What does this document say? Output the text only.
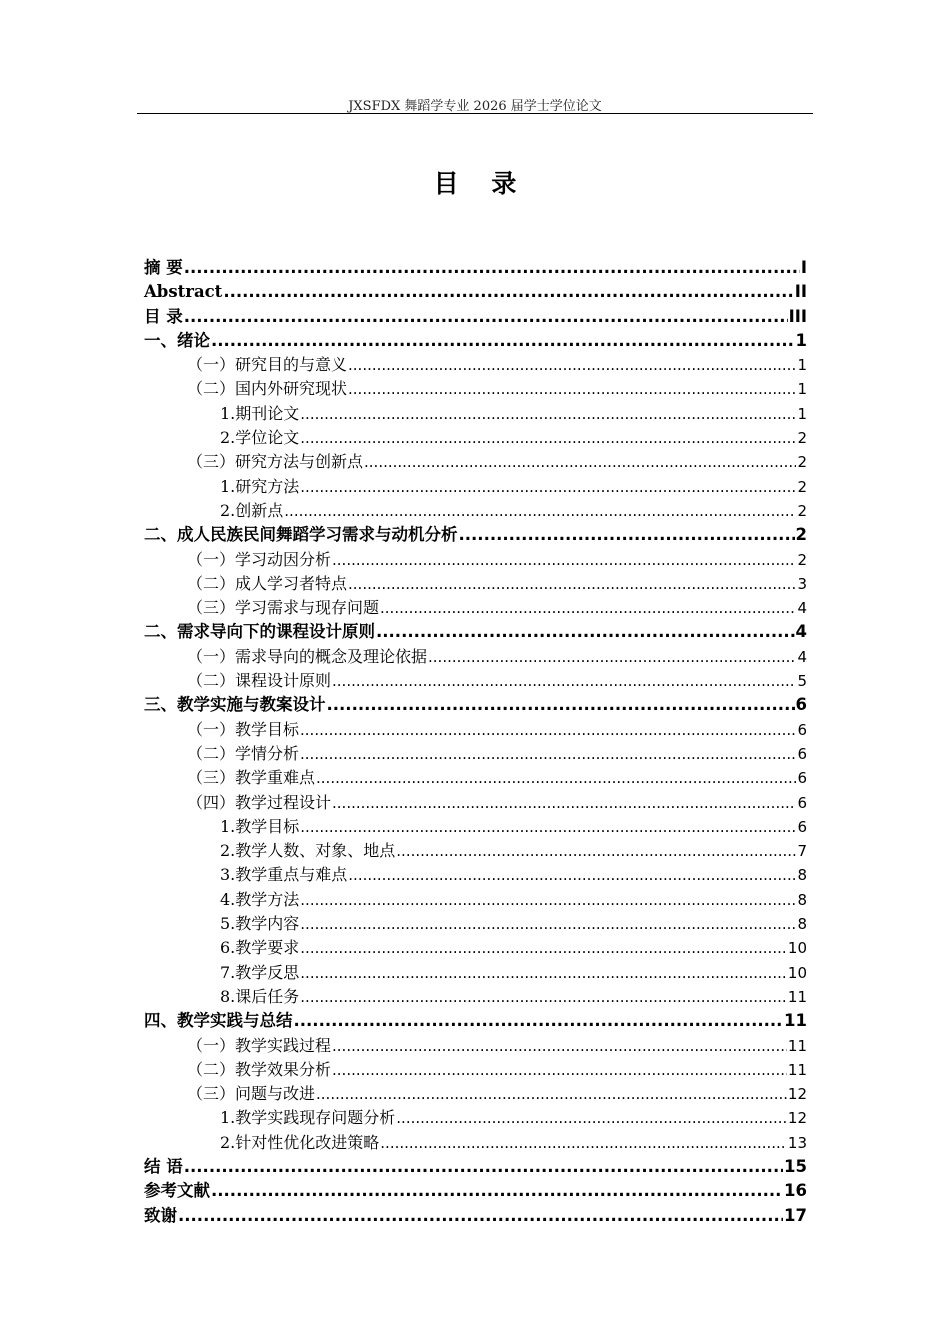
JXSFDX 舞蹈学专业 2026 届学士学位论文
目 录
摘 要 .....	I
Abstract .....	II
目 录 .....	III
一、绪论 .....	1
（一）研究目的与意义 .....	1
（二）国内外研究现状 .....	1
1.期刊论文 .....	1
2.学位论文 .....	2
（三）研究方法与创新点 .....	2
1.研究方法 .....	2
2.创新点 .....	2
二、成人民族民间舞蹈学习需求与动机分析 .....	2
（一）学习动因分析 .....	2
（二）成人学习者特点 .....	3
（三）学习需求与现存问题 .....	4
二、需求导向下的课程设计原则 .....	4
（一）需求导向的概念及理论依据 .....	4
（二）课程设计原则 .....	5
三、教学实施与教案设计 .....	6
（一）教学目标 .....	6
（二）学情分析 .....	6
（三）教学重难点 .....	6
（四）教学过程设计 .....	6
1.教学目标 .....	6
2.教学人数、对象、地点 .....	7
3.教学重点与难点 .....	8
4.教学方法 .....	8
5.教学内容 .....	8
6.教学要求 .....	10
7.教学反思 .....	10
8.课后任务 .....	11
四、教学实践与总结 .....	11
（一）教学实践过程 .....	11
（二）教学效果分析 .....	11
（三）问题与改进 .....	12
1.教学实践现存问题分析 .....	12
2.针对性优化改进策略 .....	13
结 语 .....	15
参考文献 .....	16
致谢 .....	17
